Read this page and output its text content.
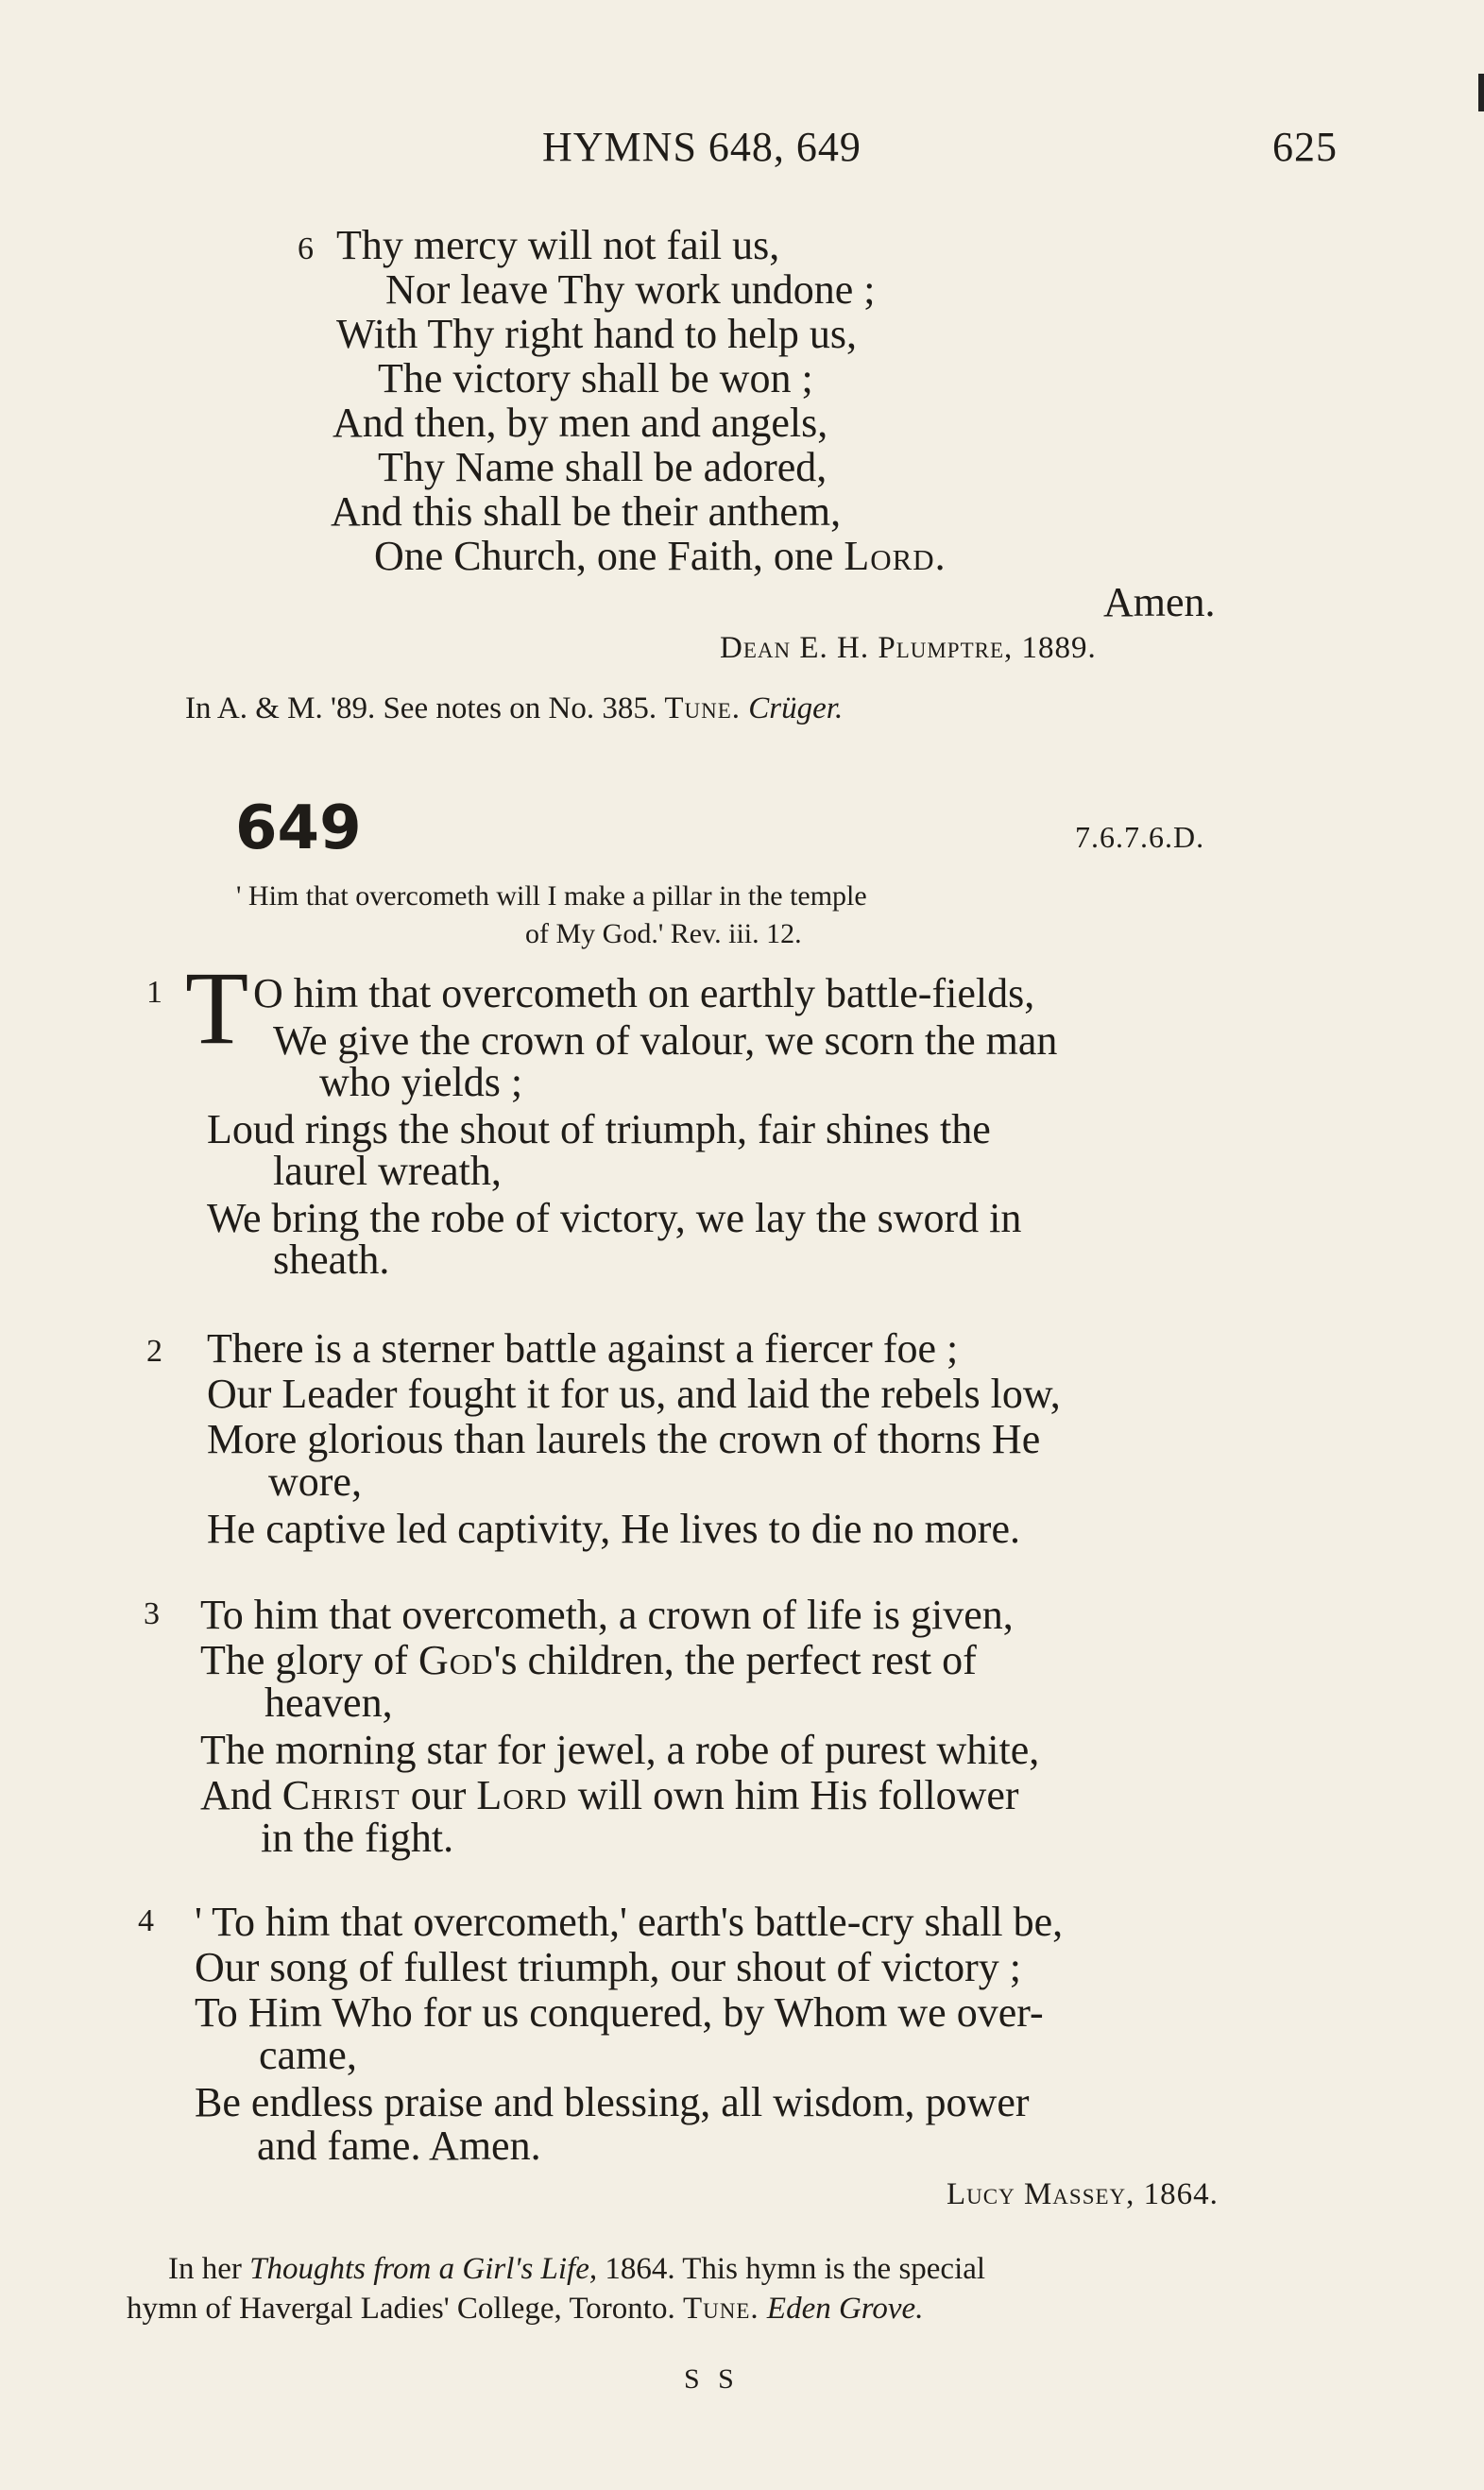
HYMNS 648, 649	625
6 Thy mercy will not fail us,
Nor leave Thy work undone ;
With Thy right hand to help us,
The victory shall be won ;
And then, by men and angels,
Thy Name shall be adored,
And this shall be their anthem,
One Church, one Faith, one Lord.
Amen.
Dean E. H. Plumptre, 1889.
In A. & M. '89. See notes on No. 385. Tune. Crüger.
649	7.6.7.6.D.
' Him that overcometh will I make a pillar in the temple
of My God.' Rev. iii. 12.
1 T O him that overcometh on earthly battle-fields,
We give the crown of valour, we scorn the man
who yields ;
Loud rings the shout of triumph, fair shines the
laurel wreath,
We bring the robe of victory, we lay the sword in
sheath.
2 There is a sterner battle against a fiercer foe ;
Our Leader fought it for us, and laid the rebels low,
More glorious than laurels the crown of thorns He
wore,
He captive led captivity, He lives to die no more.
3 To him that overcometh, a crown of life is given,
The glory of God's children, the perfect rest of
heaven,
The morning star for jewel, a robe of purest white,
And Christ our Lord will own him His follower
in the fight.
4 ' To him that overcometh,' earth's battle-cry shall be,
Our song of fullest triumph, our shout of victory ;
To Him Who for us conquered, by Whom we over-
came,
Be endless praise and blessing, all wisdom, power
and fame. Amen.
Lucy Massey, 1864.
In her Thoughts from a Girl's Life, 1864. This hymn is the special
hymn of Havergal Ladies' College, Toronto. Tune. Eden Grove.
S S
